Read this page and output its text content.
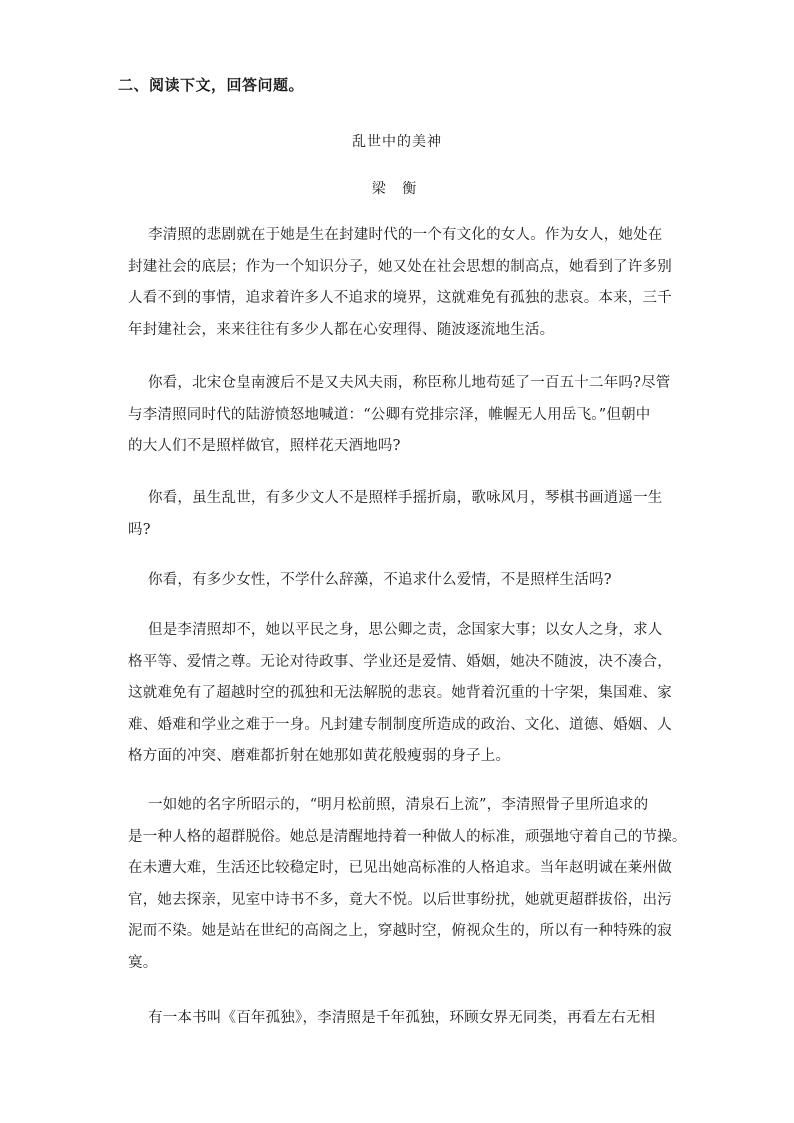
二、阅读下文，回答问题。
乱世中的美神
梁 衡
李清照的悲剧就在于她是生在封建时代的一个有文化的女人。作为女人，她处在
封建社会的底层；作为一个知识分子，她又处在社会思想的制高点，她看到了许多别
人看不到的事情，追求着许多人不追求的境界，这就难免有孤独的悲哀。本来，三千
年封建社会，来来往往有多少人都在心安理得、随波逐流地生活。
你看，北宋仓皇南渡后不是又夫风夫雨，称臣称儿地苟延了一百五十二年吗?尽管
与李清照同时代的陆游愤怒地喊道：“公卿有党排宗泽，帷幄无人用岳飞。”但朝中
的大人们不是照样做官，照样花天酒地吗?
你看，虽生乱世，有多少文人不是照样手摇折扇，歌咏风月，琴棋书画逍遥一生
吗?
你看，有多少女性，不学什么辞藻，不追求什么爱情，不是照样生活吗?
但是李清照却不，她以平民之身，思公卿之责，念国家大事；以女人之身，求人
格平等、爱情之尊。无论对待政事、学业还是爱情、婚姻，她决不随波，决不凑合，
这就难免有了超越时空的孤独和无法解脱的悲哀。她背着沉重的十字架，集国难、家
难、婚难和学业之难于一身。凡封建专制制度所造成的政治、文化、道德、婚姻、人
格方面的冲突、磨难都折射在她那如黄花般瘦弱的身子上。
一如她的名字所昭示的，“明月松前照，清泉石上流”，李清照骨子里所追求的
是一种人格的超群脱俗。她总是清醒地持着一种做人的标准，顽强地守着自己的节操。
在未遭大难，生活还比较稳定时，已见出她高标准的人格追求。当年赵明诚在莱州做
官，她去探亲，见室中诗书不多，竟大不悦。以后世事纷扰，她就更超群拔俗，出污
泥而不染。她是站在世纪的高阁之上，穿越时空，俯视众生的，所以有一种特殊的寂
寞。
有一本书叫《百年孤独》，李清照是千年孤独，环顾女界无同类，再看左右无相
